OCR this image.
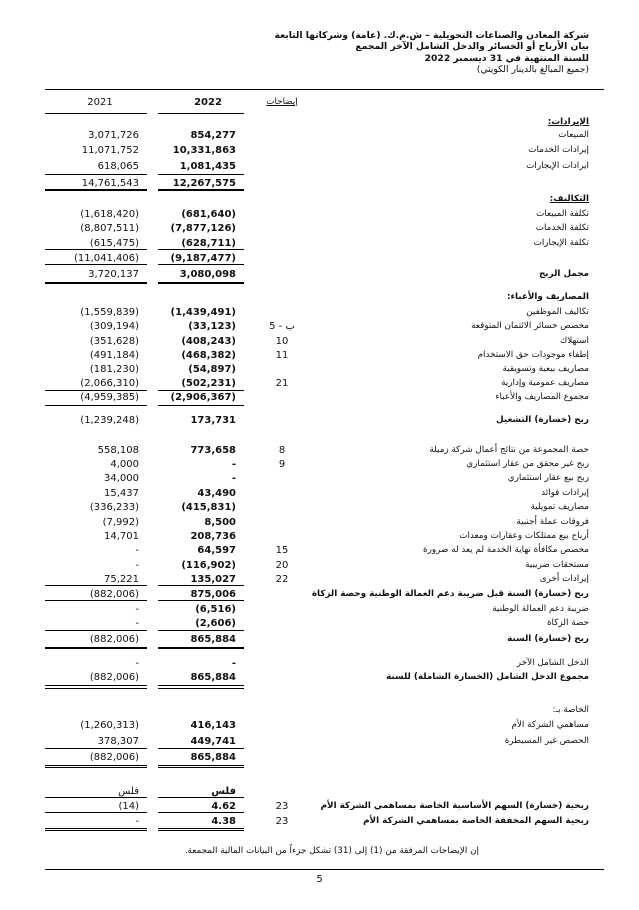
شركة المعادن والصناعات التحويلية – ش.م.ك. (عامة) وشركاتها التابعة
بيان الأرباح أو الخسائر والدخل الشامل الآخر المجمع
للسنة المنتهية في 31 ديسمبر 2022
(جميع المبالغ بالدينار الكويتي)
2021	2022	إيضاحات
الإيرادات:
3,071,726	854,277	المبيعات
11,071,752	10,331,863	إيرادات الخدمات
618,065	1,081,435	ايرادات الإيجارات
14,761,543	12,267,575
التكاليف:
(1,618,420)	(681,640)	تكلفة المبيعات
(8,807,511)	(7,877,126)	تكلفة الخدمات
(615,475)	(628,711)	تكلفة الإيجارات
(11,041,406)	(9,187,477)
3,720,137	3,080,098	مجمل الربح
المصاريف والأعباء:
(1,559,839)	(1,439,491)	تكاليف الموظفين
(309,194)	(33,123)	5 - ب	مخصص خسائر الائتمان المتوقعة
(351,628)	(408,243)	10	استهلاك
(491,184)	(468,382)	11	إطفاء موجودات حق الاستخدام
(181,230)	(54,897)	مصاريف بيعية وتسويقية
(2,066,310)	(502,231)	21	مصاريف عمومية وإدارية
(4,959,385)	(2,906,367)	مجموع المصاريف والأعباء
(1,239,248)	173,731	ربح (خسارة) التشغيل
558,108	773,658	8	حصة المجموعة من نتائج أعمال شركة زميلة
4,000	-	9	ربح غير محقق من عقار استثماري
34,000	-	ربح بيع عقار استثماري
15,437	43,490	إيرادات فوائد
(336,233)	(415,831)	مصاريف تمويلية
(7,992)	8,500	فروقات عملة أجنبية
14,701	208,736	أرباح بيع ممتلكات وعقارات ومعدات
-	64,597	15	مخصص مكافأة نهاية الخدمة لم يعد له ضرورة
-	(116,902)	20	مستحقات ضريبية
75,221	135,027	22	إيرادات أخرى
(882,006)	875,006	ربح (خسارة) السنة قبل ضريبة دعم العمالة الوطنية وحصة الزكاة
-	(6,516)	ضريبة دعم العمالة الوطنية
-	(2,606)	حصة الزكاة
(882,006)	865,884	ربح (خسارة) السنة
-	-	الدخل الشامل الآخر
(882,006)	865,884	مجموع الدخل الشامل (الخسارة الشاملة) للسنة
الخاصة بـ:
(1,260,313)	416,143	مساهمي الشركة الأم
378,307	449,741	الحصص غير المسيطرة
(882,006)	865,884
فلس	فلس
(14)	4.62	23	ربحية (خسارة) السهم الأساسية الخاصة بمساهمي الشركة الأم
-	4.38	23	ربحية السهم المخففة الخاصة بمساهمي الشركة الأم
إن الإيضاحات المرفقة من (1) إلى (31) تشكل جزءاً من البيانات المالية المجمعة.
5
